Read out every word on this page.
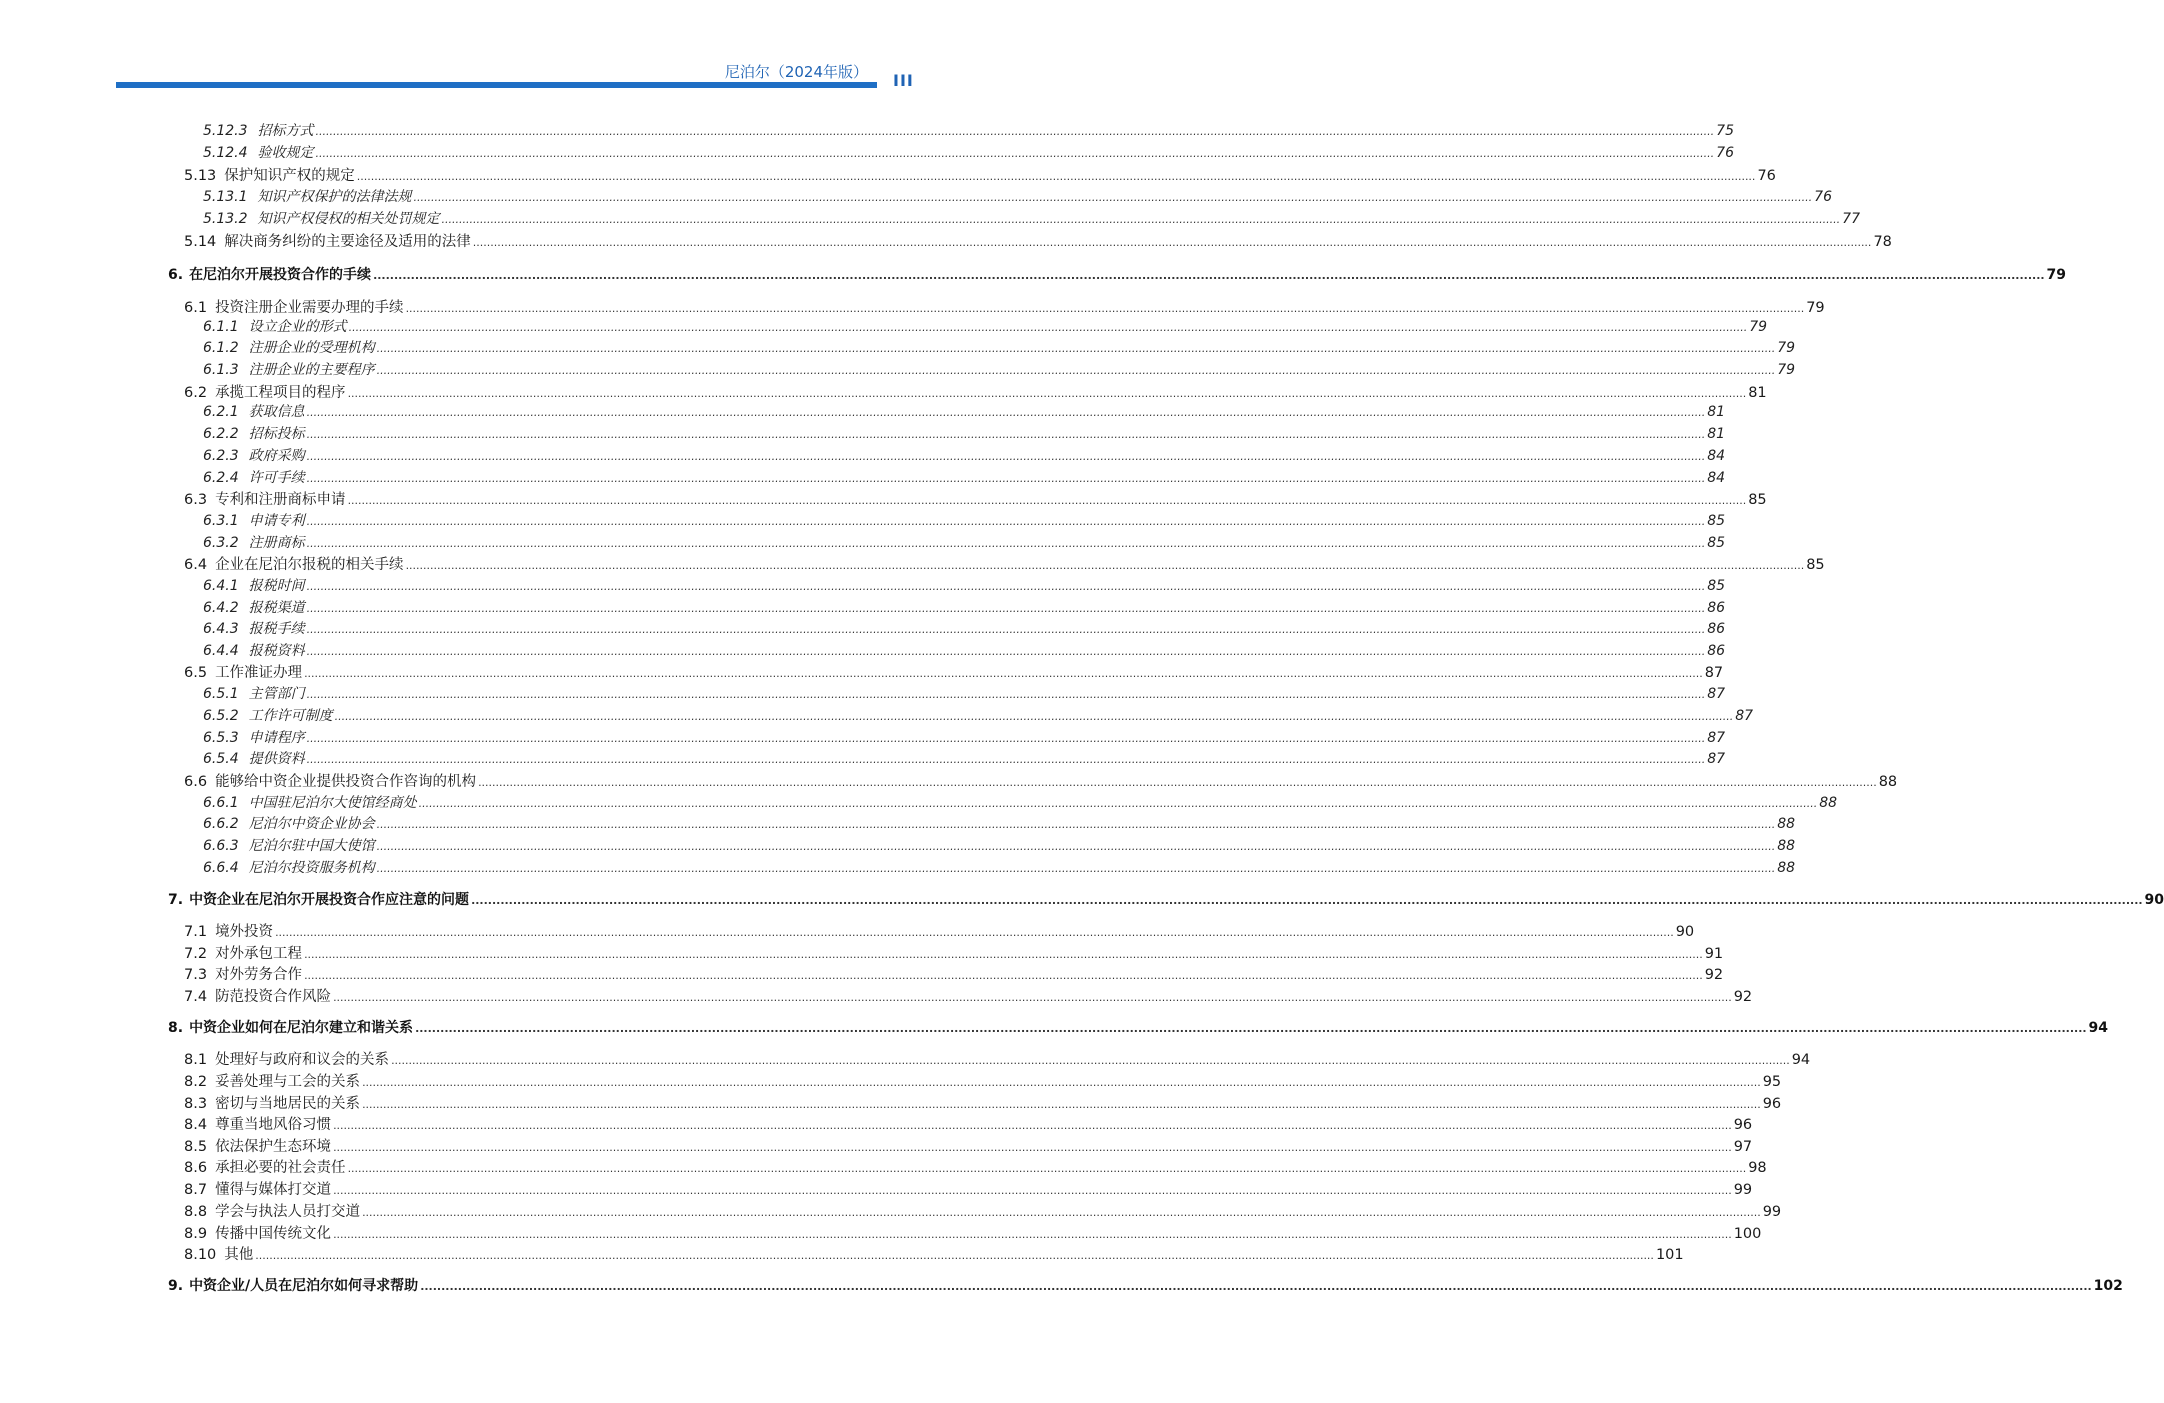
尼泊尔（2024年版） III
5.12.3 招标方式 ................................................................................................................................................................................................................................................................................................................................................................................................................ 75
5.12.4 验收规定 ................................................................................................................................................................................................................................................................................................................................................................................................................ 76
5.13 保护知识产权的规定 ................................................................................................................................................................................................................................................................................................................................................................................................................ 76
5.13.1 知识产权保护的法律法规 ................................................................................................................................................................................................................................................................................................................................................................................................................ 76
5.13.2 知识产权侵权的相关处罚规定 ................................................................................................................................................................................................................................................................................................................................................................................................................ 77
5.14 解决商务纠纷的主要途径及适用的法律 ................................................................................................................................................................................................................................................................................................................................................................................................................ 78
6. 在尼泊尔开展投资合作的手续 ................................................................................................................................................................................................................................................................................................................................................................................................................ 79
6.1 投资注册企业需要办理的手续 ................................................................................................................................................................................................................................................................................................................................................................................................................ 79
6.1.1 设立企业的形式 ................................................................................................................................................................................................................................................................................................................................................................................................................ 79
6.1.2 注册企业的受理机构 ................................................................................................................................................................................................................................................................................................................................................................................................................ 79
6.1.3 注册企业的主要程序 ................................................................................................................................................................................................................................................................................................................................................................................................................ 79
6.2 承揽工程项目的程序 ................................................................................................................................................................................................................................................................................................................................................................................................................ 81
6.2.1 获取信息 ................................................................................................................................................................................................................................................................................................................................................................................................................ 81
6.2.2 招标投标 ................................................................................................................................................................................................................................................................................................................................................................................................................ 81
6.2.3 政府采购 ................................................................................................................................................................................................................................................................................................................................................................................................................ 84
6.2.4 许可手续 ................................................................................................................................................................................................................................................................................................................................................................................................................ 84
6.3 专利和注册商标申请 ................................................................................................................................................................................................................................................................................................................................................................................................................ 85
6.3.1 申请专利 ................................................................................................................................................................................................................................................................................................................................................................................................................ 85
6.3.2 注册商标 ................................................................................................................................................................................................................................................................................................................................................................................................................ 85
6.4 企业在尼泊尔报税的相关手续 ................................................................................................................................................................................................................................................................................................................................................................................................................ 85
6.4.1 报税时间 ................................................................................................................................................................................................................................................................................................................................................................................................................ 85
6.4.2 报税渠道 ................................................................................................................................................................................................................................................................................................................................................................................................................ 86
6.4.3 报税手续 ................................................................................................................................................................................................................................................................................................................................................................................................................ 86
6.4.4 报税资料 ................................................................................................................................................................................................................................................................................................................................................................................................................ 86
6.5 工作准证办理 ................................................................................................................................................................................................................................................................................................................................................................................................................ 87
6.5.1 主管部门 ................................................................................................................................................................................................................................................................................................................................................................................................................ 87
6.5.2 工作许可制度 ................................................................................................................................................................................................................................................................................................................................................................................................................ 87
6.5.3 申请程序 ................................................................................................................................................................................................................................................................................................................................................................................................................ 87
6.5.4 提供资料 ................................................................................................................................................................................................................................................................................................................................................................................................................ 87
6.6 能够给中资企业提供投资合作咨询的机构 ................................................................................................................................................................................................................................................................................................................................................................................................................ 88
6.6.1 中国驻尼泊尔大使馆经商处 ................................................................................................................................................................................................................................................................................................................................................................................................................ 88
6.6.2 尼泊尔中资企业协会 ................................................................................................................................................................................................................................................................................................................................................................................................................ 88
6.6.3 尼泊尔驻中国大使馆 ................................................................................................................................................................................................................................................................................................................................................................................................................ 88
6.6.4 尼泊尔投资服务机构 ................................................................................................................................................................................................................................................................................................................................................................................................................ 88
7. 中资企业在尼泊尔开展投资合作应注意的问题 ................................................................................................................................................................................................................................................................................................................................................................................................................ 90
7.1 境外投资 ................................................................................................................................................................................................................................................................................................................................................................................................................ 90
7.2 对外承包工程 ................................................................................................................................................................................................................................................................................................................................................................................................................ 91
7.3 对外劳务合作 ................................................................................................................................................................................................................................................................................................................................................................................................................ 92
7.4 防范投资合作风险 ................................................................................................................................................................................................................................................................................................................................................................................................................ 92
8. 中资企业如何在尼泊尔建立和谐关系 ................................................................................................................................................................................................................................................................................................................................................................................................................ 94
8.1 处理好与政府和议会的关系 ................................................................................................................................................................................................................................................................................................................................................................................................................ 94
8.2 妥善处理与工会的关系 ................................................................................................................................................................................................................................................................................................................................................................................................................ 95
8.3 密切与当地居民的关系 ................................................................................................................................................................................................................................................................................................................................................................................................................ 96
8.4 尊重当地风俗习惯 ................................................................................................................................................................................................................................................................................................................................................................................................................ 96
8.5 依法保护生态环境 ................................................................................................................................................................................................................................................................................................................................................................................................................ 97
8.6 承担必要的社会责任 ................................................................................................................................................................................................................................................................................................................................................................................................................ 98
8.7 懂得与媒体打交道 ................................................................................................................................................................................................................................................................................................................................................................................................................ 99
8.8 学会与执法人员打交道 ................................................................................................................................................................................................................................................................................................................................................................................................................ 99
8.9 传播中国传统文化 ................................................................................................................................................................................................................................................................................................................................................................................................................ 100
8.10 其他 ................................................................................................................................................................................................................................................................................................................................................................................................................ 101
9. 中资企业/人员在尼泊尔如何寻求帮助 ................................................................................................................................................................................................................................................................................................................................................................................................................ 102
